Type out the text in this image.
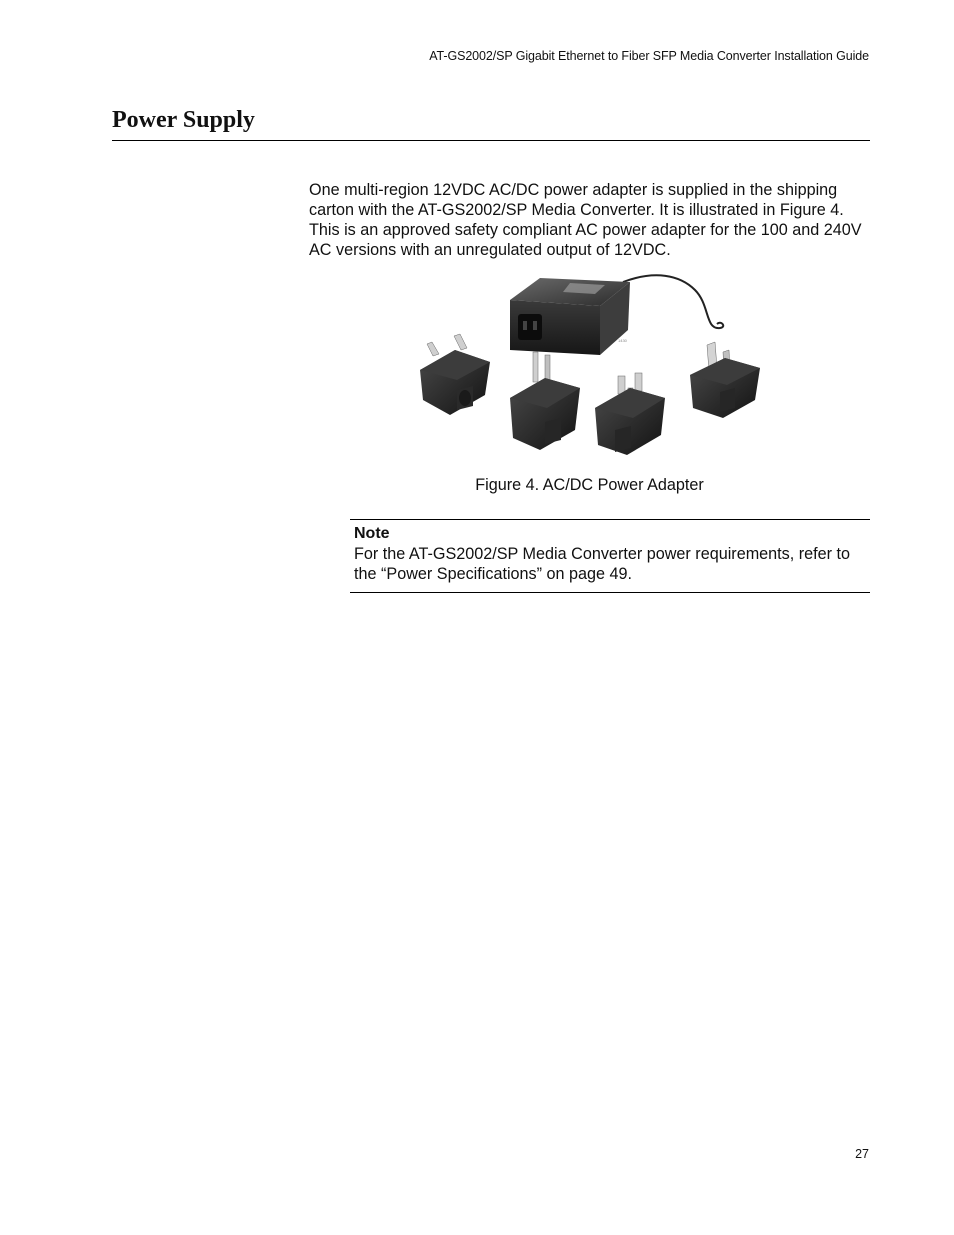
AT-GS2002/SP Gigabit Ethernet to Fiber SFP Media Converter Installation Guide
Power Supply

One multi-region 12VDC AC/DC power adapter is supplied in the shipping carton with the AT-GS2002/SP Media Converter. It is illustrated in Figure 4. This is an approved safety compliant AC power adapter for the 100 and 240V AC versions with an unregulated output of 12VDC.

1430
Figure 4. AC/DC Power Adapter
Note

For the AT-GS2002/SP Media Converter power requirements, refer to the “Power Specifications” on page 49.

27
